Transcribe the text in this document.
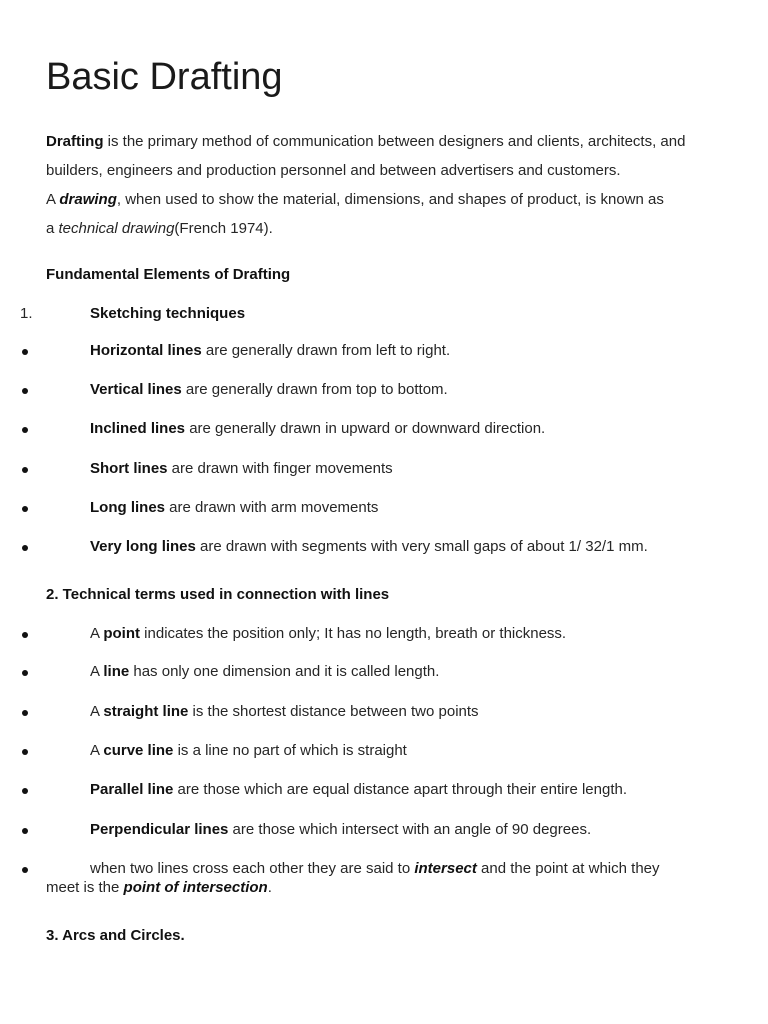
Basic Drafting

Drafting is the primary method of communication between designers and clients, architects, and builders, engineers and production personnel and between advertisers and customers.

A drawing, when used to show the material, dimensions, and shapes of product, is known as

a technical drawing(French 1974).

Fundamental Elements of Drafting
1.	Sketching techniques
Horizontal lines are generally drawn from left to right.
Vertical lines are generally drawn from top to bottom.
Inclined lines are generally drawn in upward or downward direction.
Short lines are drawn with finger movements
Long lines are drawn with arm movements
Very long lines are drawn with segments with very small gaps of about 1/ 32/1 mm.
2. Technical terms used in connection with lines
A point indicates the position only; It has no length, breath or thickness.
A line has only one dimension and it is called length.
A straight line is the shortest distance between two points
A curve line is a line no part of which is straight
Parallel line are those which are equal distance apart through their entire length.
Perpendicular lines are those which intersect with an angle of 90 degrees.
when two lines cross each other they are said to intersect and the point at which they
meet is the point of intersection.
3. Arcs and Circles.
